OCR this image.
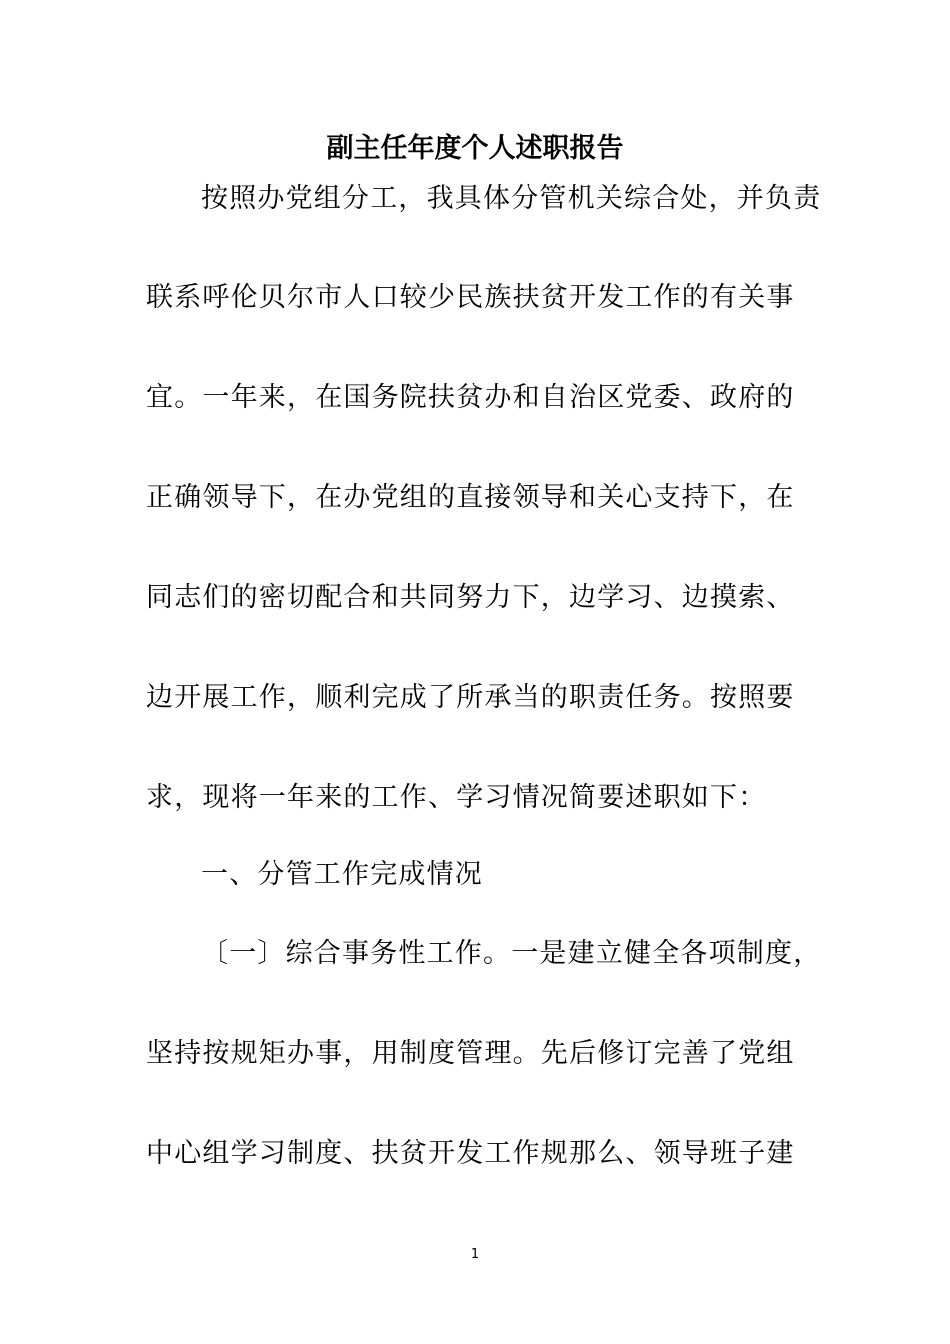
副主任年度个人述职报告

按照办党组分工，我具体分管机关综合处，并负责

联系呼伦贝尔市人口较少民族扶贫开发工作的有关事

宜。一年来，在国务院扶贫办和自治区党委、政府的

正确领导下，在办党组的直接领导和关心支持下，在

同志们的密切配合和共同努力下，边学习、边摸索、

边开展工作，顺利完成了所承当的职责任务。按照要

求，现将一年来的工作、学习情况简要述职如下：

一、分管工作完成情况

〔一〕综合事务性工作。一是建立健全各项制度，

坚持按规矩办事，用制度管理。先后修订完善了党组

中心组学习制度、扶贫开发工作规那么、领导班子建

1
